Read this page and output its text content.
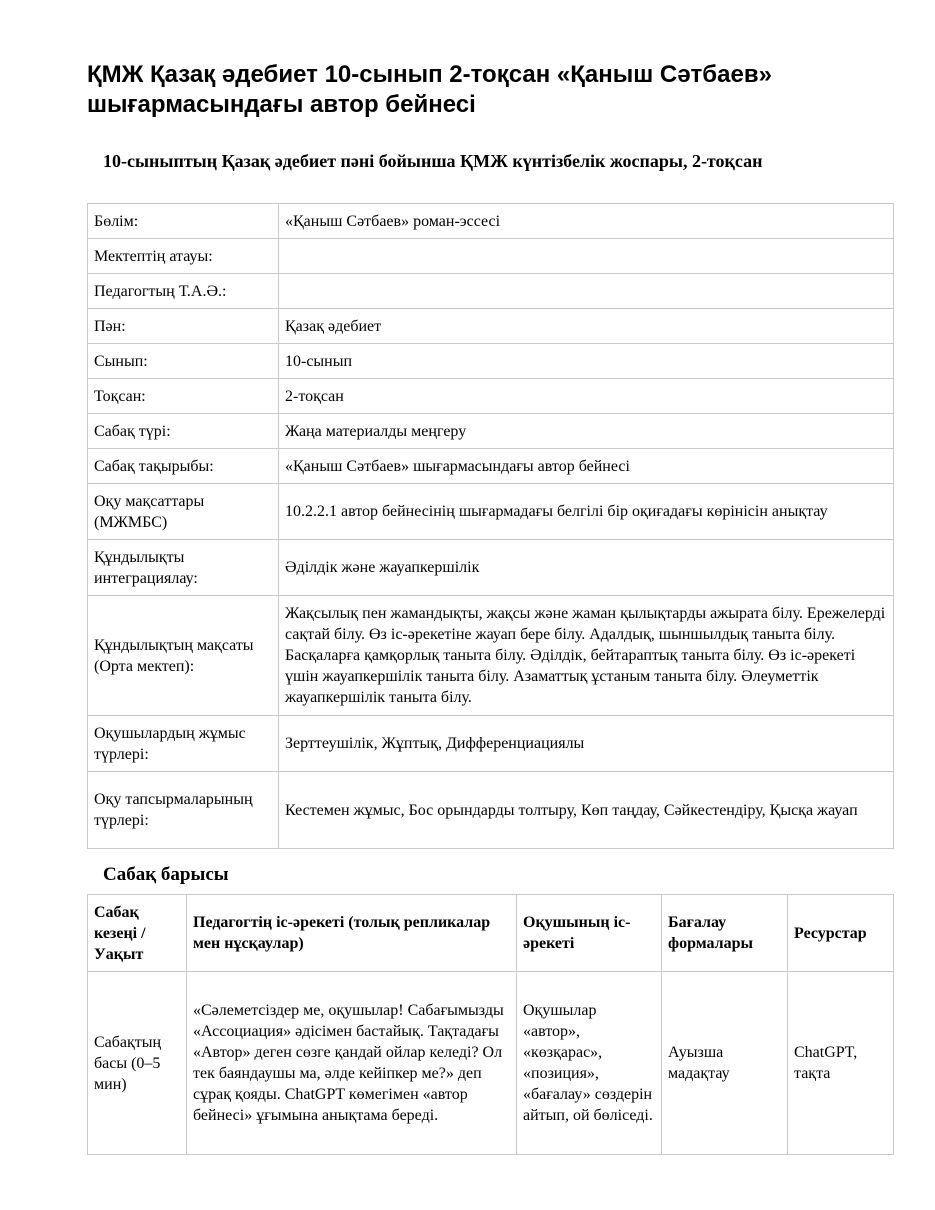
ҚМЖ Қазақ әдебиет 10-сынып 2-тоқсан «Қаныш Сәтбаев» шығармасындағы автор бейнесі
10-сыныптың Қазақ әдебиет пәні бойынша ҚМЖ күнтізбелік жоспары, 2-тоқсан
Бөлім:	«Қаныш Сәтбаев» роман-эссесі
Мектептің атауы:	
Педагогтың Т.А.Ә.:	
Пән:	Қазақ әдебиет
Сынып:	10-сынып
Тоқсан:	2-тоқсан
Сабақ түрі:	Жаңа материалды меңгеру
Сабақ тақырыбы:	«Қаныш Сәтбаев» шығармасындағы автор бейнесі
Оқу мақсаттары (МЖМБС)	10.2.2.1 автор бейнесінің шығармадағы белгілі бір оқиғадағы көрінісін анықтау
Құндылықты интеграциялау:	Әділдік және жауапкершілік
Құндылықтың мақсаты (Орта мектеп):	Жақсылық пен жамандықты, жақсы және жаман қылықтарды ажырата білу. Ережелерді сақтай білу. Өз іс-әрекетіне жауап бере білу. Адалдық, шыншылдық таныта білу. Басқаларға қамқорлық таныта білу. Әділдік, бейтараптық таныта білу. Өз іс-әрекеті үшін жауапкершілік таныта білу. Азаматтық ұстаным таныта білу. Әлеуметтік жауапкершілік таныта білу.
Оқушылардың жұмыс түрлері:	Зерттеушілік, Жұптық, Дифференциациялы
Оқу тапсырмаларының түрлері:	Кестемен жұмыс, Бос орындарды толтыру, Көп таңдау, Сәйкестендіру, Қысқа жауап
Сабақ барысы
Сабақ кезеңі / Уақыт	Педагогтің іс-әрекеті (толық репликалар мен нұсқаулар)	Оқушының іс-әрекеті	Бағалау формалары	Ресурстар
Сабақтың басы (0–5 мин)	«Сәлеметсіздер ме, оқушылар! Сабағымызды «Ассоциация» әдісімен бастайық. Тақтадағы «Автор» деген сөзге қандай ойлар келеді? Ол тек баяндаушы ма, әлде кейіпкер ме?» деп сұрақ қояды. ChatGPT көмегімен «автор бейнесі» ұғымына анықтама береді.	Оқушылар «автор», «көзқарас», «позиция», «бағалау» сөздерін айтып, ой бөліседі.	Ауызша мадақтау	ChatGPT, тақта
